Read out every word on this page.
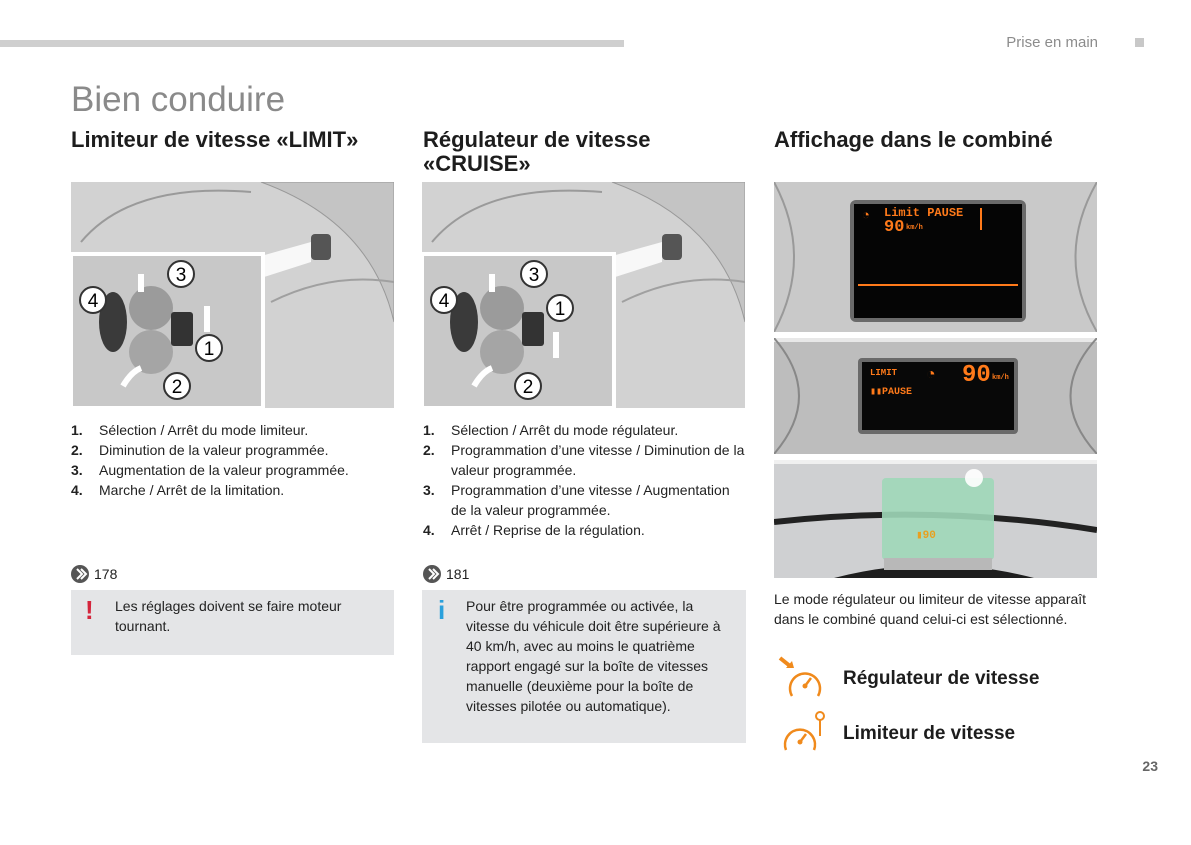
Prise en main
Bien conduire
Limiteur de vitesse «LIMIT»
3
4
1
2
1.	Sélection / Arrêt du mode limiteur.
2.	Diminution de la valeur programmée.
3.	Augmentation de la valeur programmée.
4.	Marche / Arrêt de la limitation.
178
! Les réglages doivent se faire moteur tournant.
Régulateur de vitesse
«CRUISE»
3
4	1
2
1.	Sélection / Arrêt du mode régulateur.
2.	Programmation d’une vitesse / Diminution de la valeur programmée.
3.	Programmation d’une vitesse / Augmentation de la valeur programmée.
4.	Arrêt / Reprise de la régulation.
181
i Pour être programmée ou activée, la vitesse du véhicule doit être supérieure à 40 km/h, avec au moins le quatrième rapport engagé sur la boîte de vitesses manuelle (deuxième pour la boîte de vitesses pilotée ou automatique).
Affichage dans le combiné
Limit PAUSE
◔
90 km/h
LIMIT ◔ 90 km/h
▮▮PAUSE
▮90
Le mode régulateur ou limiteur de vitesse apparaît dans le combiné quand celui-ci est sélectionné.
Régulateur de vitesse
Limiteur de vitesse
23
